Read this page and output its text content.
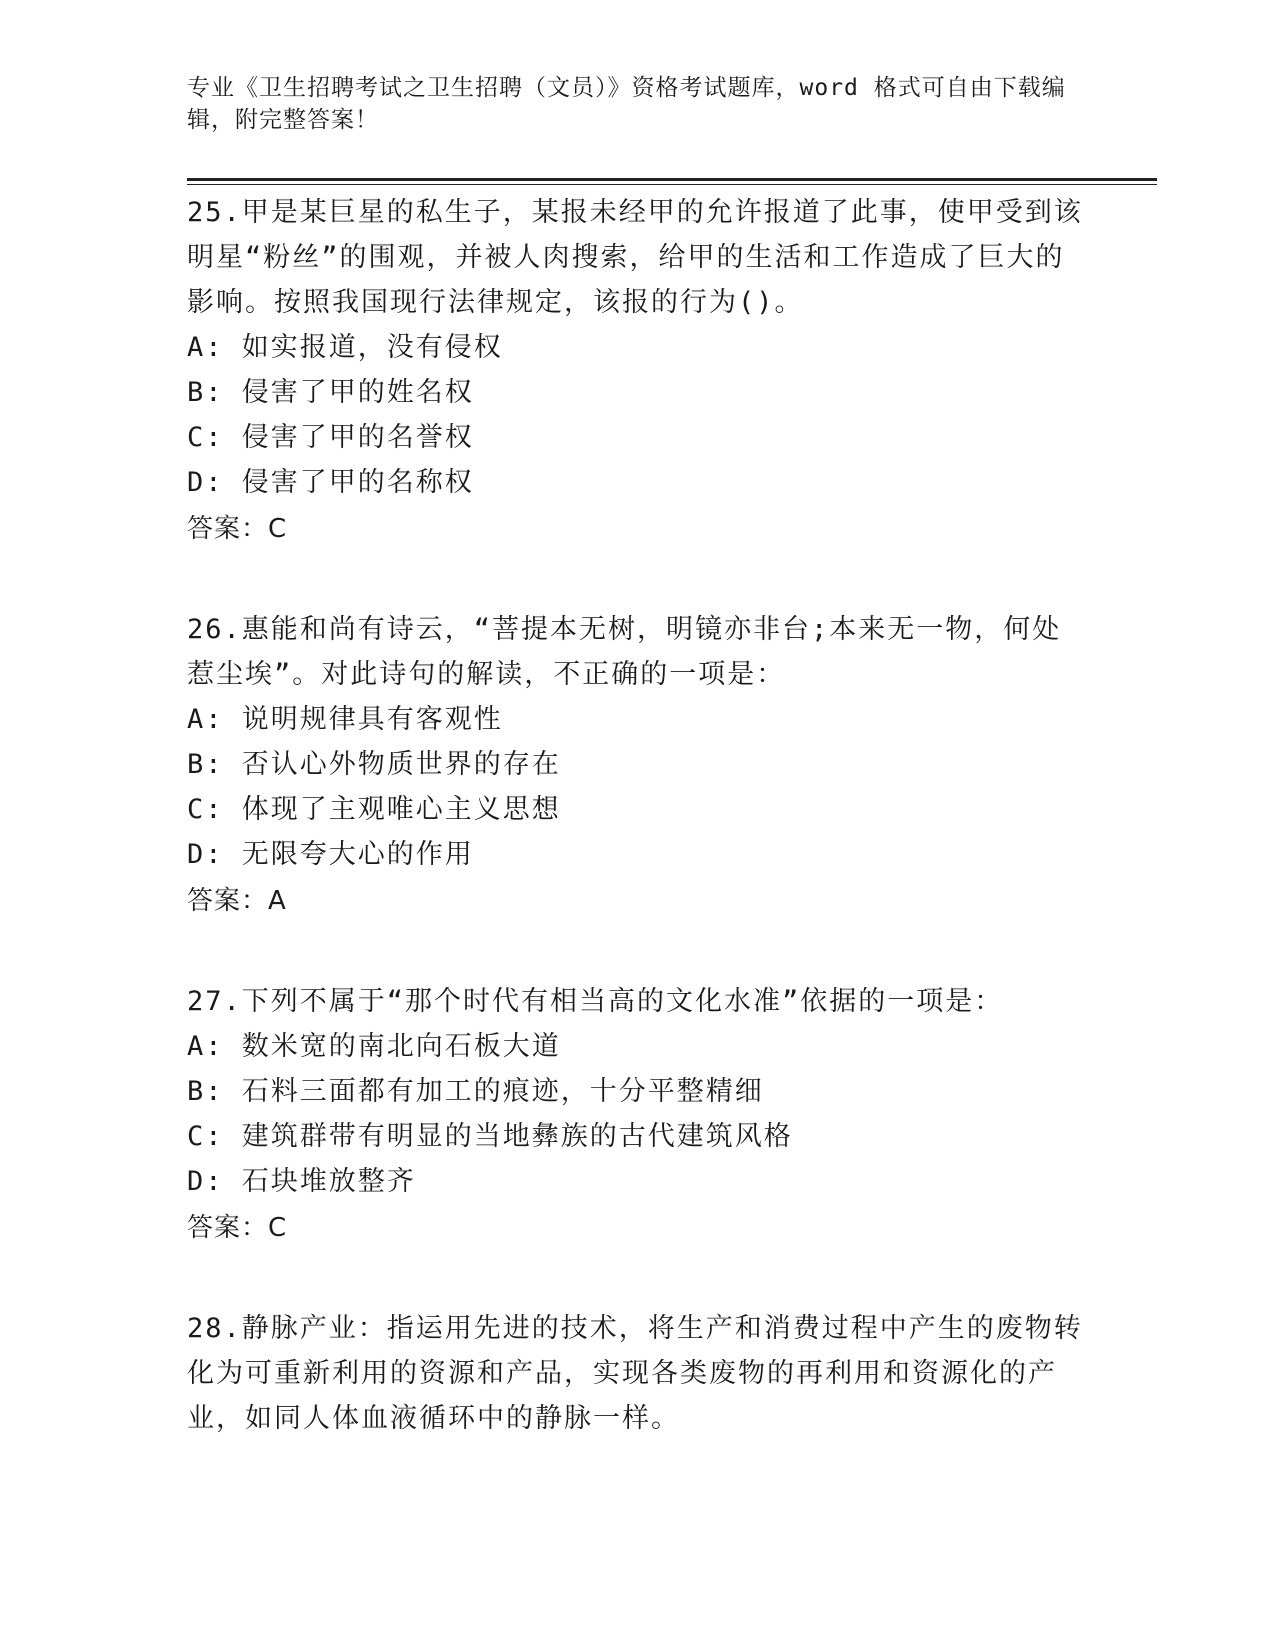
专业《卫生招聘考试之卫生招聘（文员）》资格考试题库，word 格式可自由下载编辑，附完整答案！
25.甲是某巨星的私生子，某报未经甲的允许报道了此事，使甲受到该明星“粉丝”的围观，并被人肉搜索，给甲的生活和工作造成了巨大的影响。按照我国现行法律规定，该报的行为()。
A: 如实报道，没有侵权
B: 侵害了甲的姓名权
C: 侵害了甲的名誉权
D: 侵害了甲的名称权
答案：C
26.惠能和尚有诗云，“菩提本无树，明镜亦非台;本来无一物，何处惹尘埃”。对此诗句的解读，不正确的一项是：
A: 说明规律具有客观性
B: 否认心外物质世界的存在
C: 体现了主观唯心主义思想
D: 无限夸大心的作用
答案：A
27.下列不属于“那个时代有相当高的文化水准”依据的一项是：
A: 数米宽的南北向石板大道
B: 石料三面都有加工的痕迹，十分平整精细
C: 建筑群带有明显的当地彝族的古代建筑风格
D: 石块堆放整齐
答案：C
28.静脉产业：指运用先进的技术，将生产和消费过程中产生的废物转化为可重新利用的资源和产品，实现各类废物的再利用和资源化的产业，如同人体血液循环中的静脉一样。
